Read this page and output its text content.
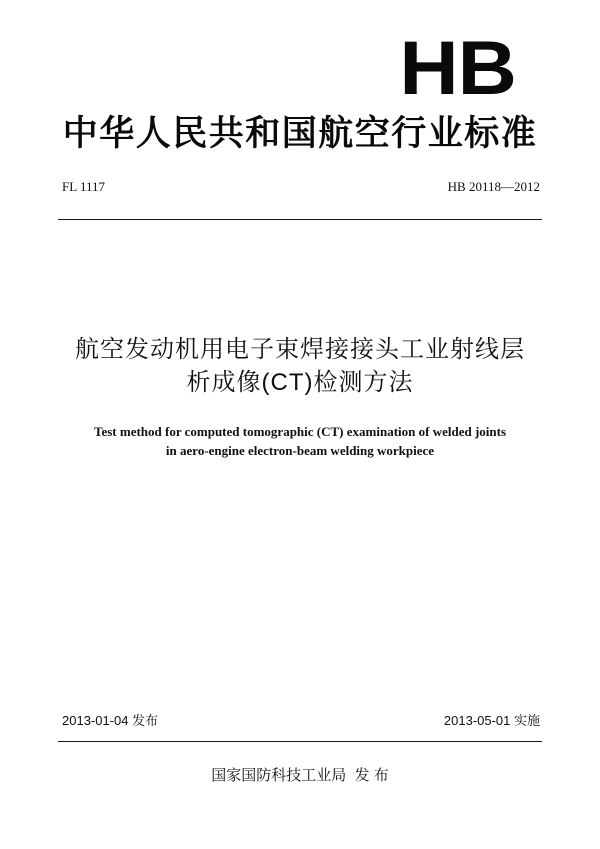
HB
中华人民共和国航空行业标准
FL 1117	HB 20118—2012
航空发动机用电子束焊接接头工业射线层
析成像(CT)检测方法
Test method for computed tomographic (CT) examination of welded joints
in aero-engine electron-beam welding workpiece
2013-01-04 发布	2013-05-01 实施
国家国防科技工业局  发 布
